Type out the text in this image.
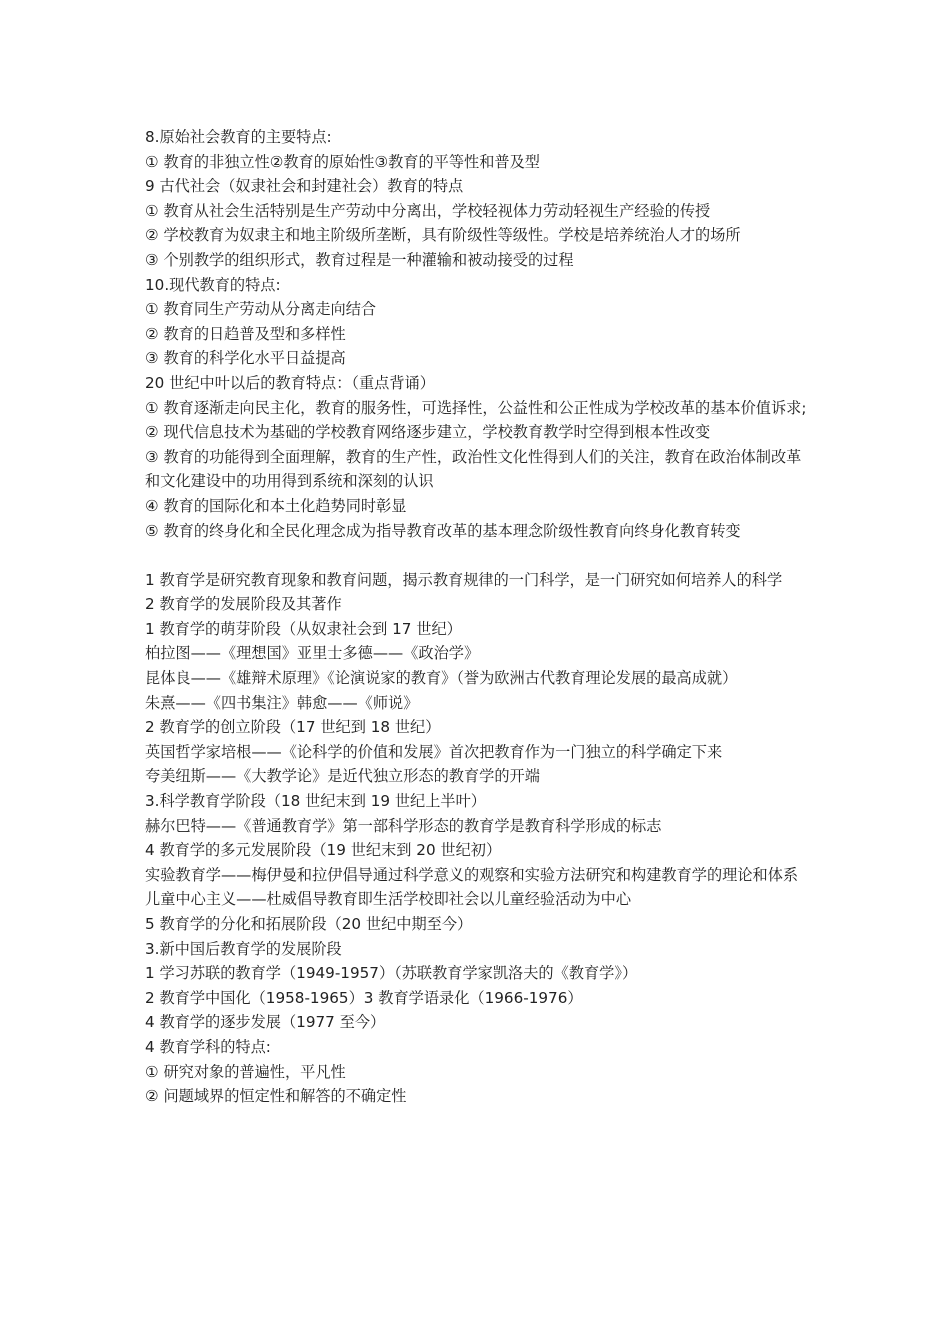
8.原始社会教育的主要特点:
① 教育的非独立性②教育的原始性③教育的平等性和普及型
9 古代社会（奴隶社会和封建社会）教育的特点
① 教育从社会生活特别是生产劳动中分离出，学校轻视体力劳动轻视生产经验的传授
② 学校教育为奴隶主和地主阶级所垄断，具有阶级性等级性。学校是培养统治人才的场所
③ 个别教学的组织形式，教育过程是一种灌输和被动接受的过程
10.现代教育的特点:
① 教育同生产劳动从分离走向结合
② 教育的日趋普及型和多样性
③ 教育的科学化水平日益提高
20 世纪中叶以后的教育特点：（重点背诵）
① 教育逐渐走向民主化，教育的服务性，可选择性，公益性和公正性成为学校改革的基本价值诉求;
② 现代信息技术为基础的学校教育网络逐步建立，学校教育教学时空得到根本性改变
③ 教育的功能得到全面理解，教育的生产性，政治性文化性得到人们的关注，教育在政治体制改革和文化建设中的功用得到系统和深刻的认识
④ 教育的国际化和本土化趋势同时彰显
⑤ 教育的终身化和全民化理念成为指导教育改革的基本理念阶级性教育向终身化教育转变
1 教育学是研究教育现象和教育问题，揭示教育规律的一门科学，是一门研究如何培养人的科学
2 教育学的发展阶段及其著作
1 教育学的萌芽阶段（从奴隶社会到 17 世纪）
柏拉图——《理想国》亚里士多德——《政治学》
昆体良——《雄辩术原理》《论演说家的教育》（誉为欧洲古代教育理论发展的最高成就）
朱熹——《四书集注》韩愈——《师说》
2 教育学的创立阶段（17 世纪到 18 世纪）
英国哲学家培根——《论科学的价值和发展》首次把教育作为一门独立的科学确定下来
夸美纽斯——《大教学论》是近代独立形态的教育学的开端
3.科学教育学阶段（18 世纪末到 19 世纪上半叶）
赫尔巴特——《普通教育学》第一部科学形态的教育学是教育科学形成的标志
4 教育学的多元发展阶段（19 世纪末到 20 世纪初）
实验教育学——梅伊曼和拉伊倡导通过科学意义的观察和实验方法研究和构建教育学的理论和体系
儿童中心主义——杜威倡导教育即生活学校即社会以儿童经验活动为中心
5 教育学的分化和拓展阶段（20 世纪中期至今）
3.新中国后教育学的发展阶段
1 学习苏联的教育学（1949-1957）（苏联教育学家凯洛夫的《教育学》）
2 教育学中国化（1958-1965）3 教育学语录化（1966-1976）
4 教育学的逐步发展（1977 至今）
4 教育学科的特点:
① 研究对象的普遍性，平凡性
② 问题域界的恒定性和解答的不确定性
